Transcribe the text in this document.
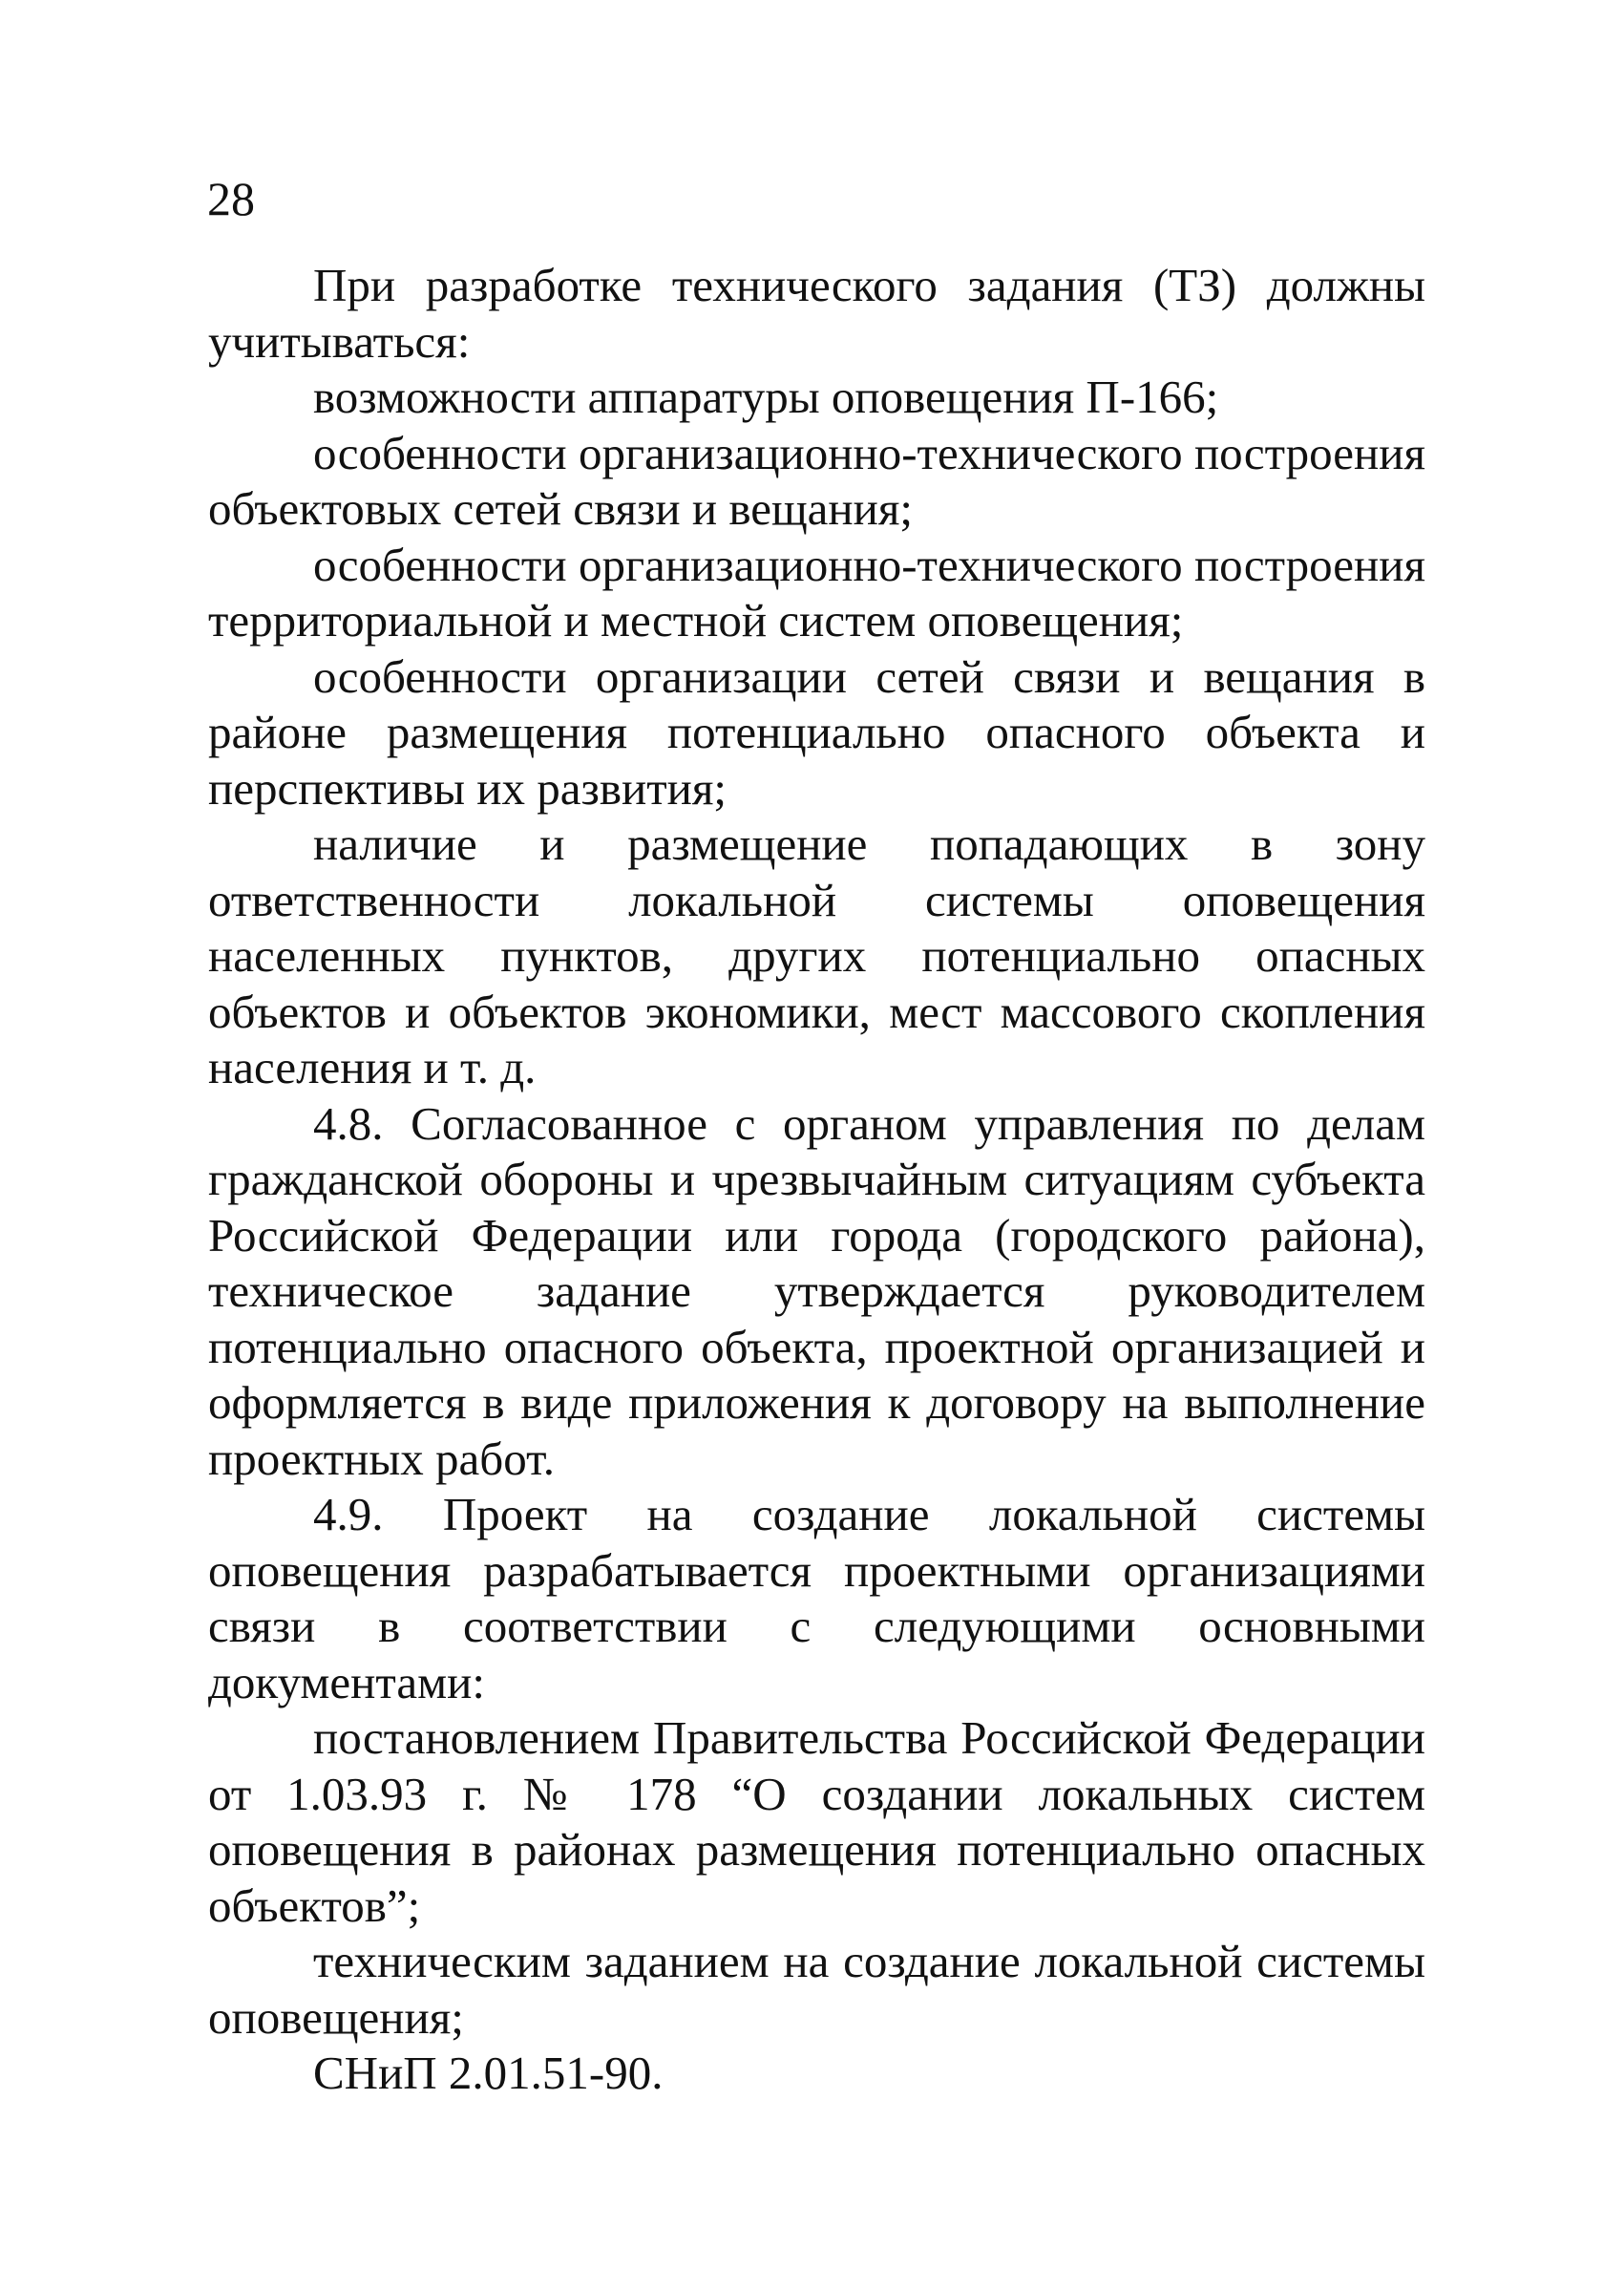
28

При разработке технического задания (ТЗ) должны учитываться:

возможности аппаратуры оповещения П-166;

особенности организационно-технического построения объектовых сетей связи и вещания;

особенности организационно-технического построения территориальной и местной систем оповещения;

особенности организации сетей связи и вещания в районе размещения потенциально опасного объекта и перспективы их развития;

наличие и размещение попадающих в зону ответственности локальной системы оповещения населенных пунктов, других потенциально опасных объектов и объектов экономики, мест массового скопления населения и т. д.

4.8. Согласованное с органом управления по делам гражданской обороны и чрезвычайным ситуациям субъекта Российской Федерации или города (городского района), техническое задание утверждается руководителем потенциально опасного объекта, проектной организацией и оформляется в виде приложения к договору на выполнение проектных работ.

4.9. Проект на создание локальной системы оповещения разрабатывается проектными организациями связи в соответствии с следующими основными документами:

постановлением Правительства Российской Федерации от 1.03.93 г. № 178 “О создании локальных систем оповещения в районах размещения потенциально опасных объектов”;

техническим заданием на создание локальной системы оповещения;

СНиП 2.01.51-90.
